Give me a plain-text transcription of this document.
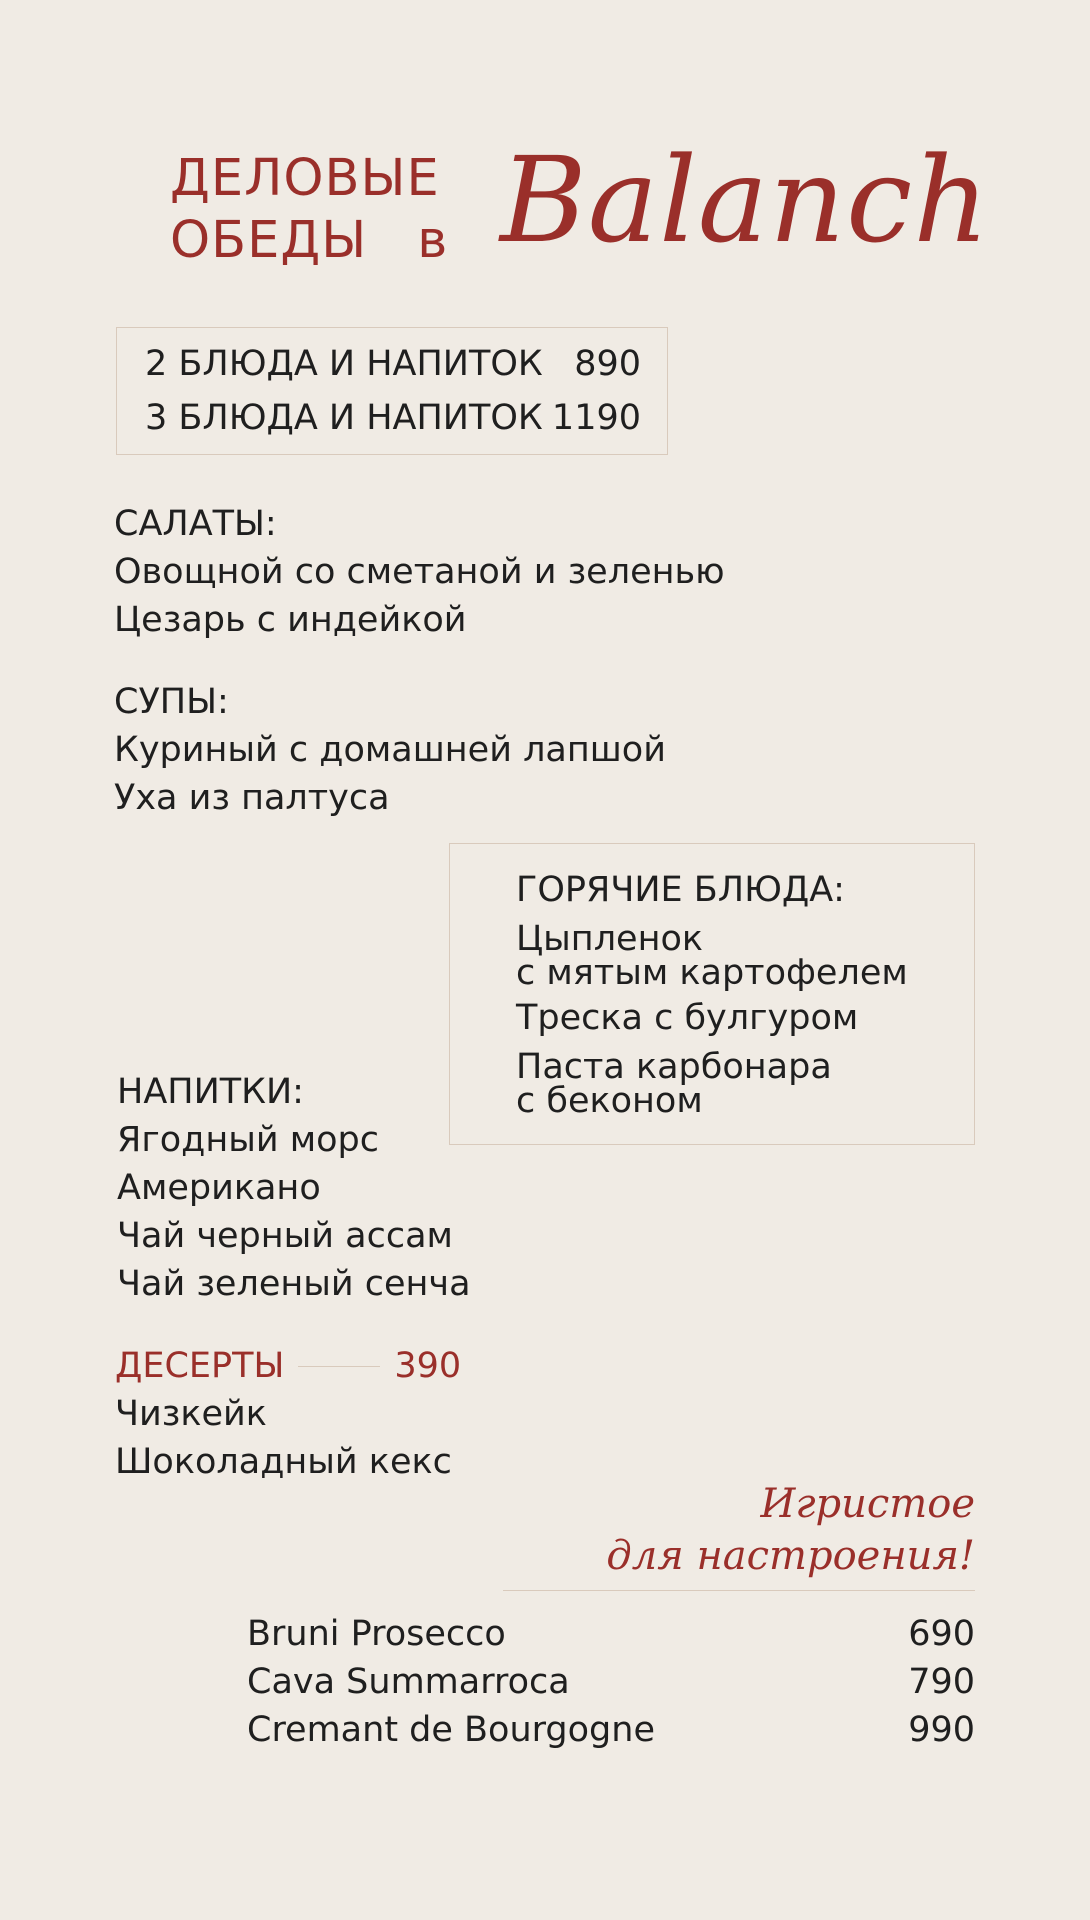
ДЕЛОВЫЕ
ОБЕДЫ в Balanch
2 БЛЮДА И НАПИТОК 890
3 БЛЮДА И НАПИТОК 1190
САЛАТЫ:
Овощной со сметаной и зеленью
Цезарь с индейкой
СУПЫ:
Куриный с домашней лапшой
Уха из палтуса
ГОРЯЧИЕ БЛЮДА:
Цыпленок
с мятым картофелем
Треска с булгуром
Паста карбонара
с беконом
НАПИТКИ:
Ягодный морс
Американо
Чай черный ассам
Чай зеленый сенча
ДЕСЕРТЫ	390
Чизкейк
Шоколадный кекс
Игристое
для настроения!
Bruni Prosecco	690
Cava Summarroca	790
Cremant de Bourgogne	990
